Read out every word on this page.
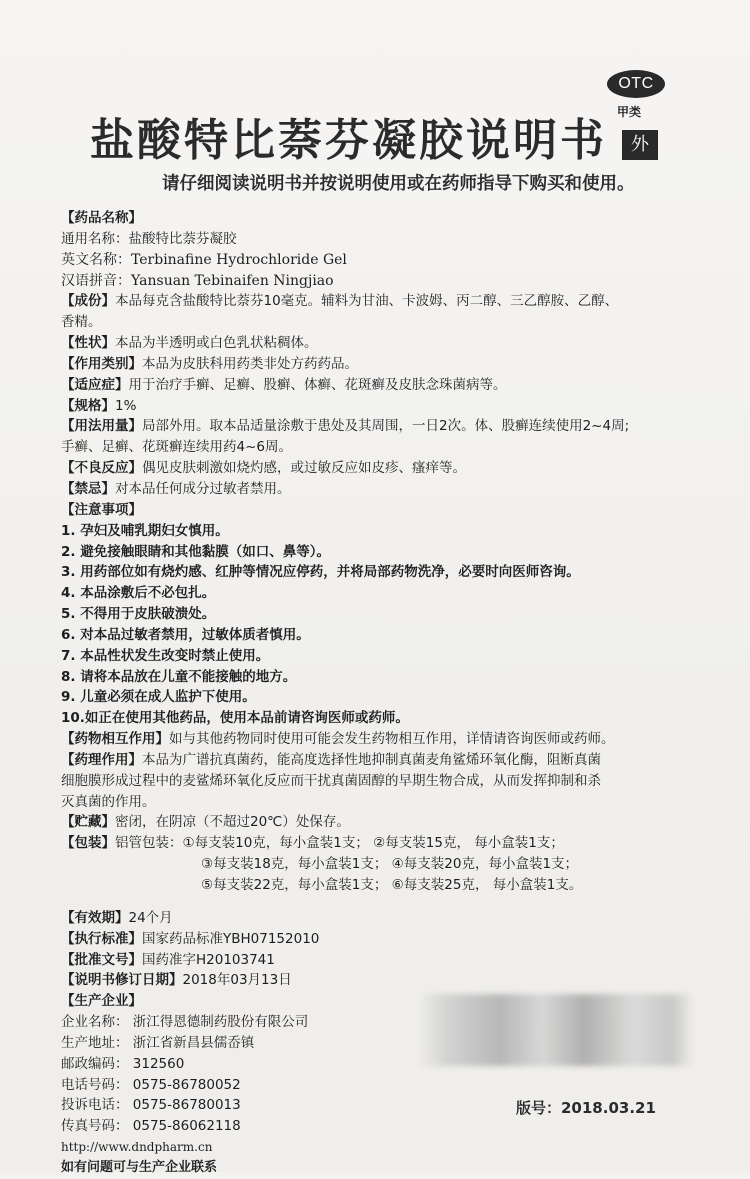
OTC
甲类
外
盐酸特比萘芬凝胶说明书
请仔细阅读说明书并按说明使用或在药师指导下购买和使用。
【药品名称】
通用名称：盐酸特比萘芬凝胶
英文名称：Terbinafine Hydrochloride Gel
汉语拼音：Yansuan Tebinaifen Ningjiao
【成份】本品每克含盐酸特比萘芬10毫克。辅料为甘油、卡波姆、丙二醇、三乙醇胺、乙醇、
香精。
【性状】本品为半透明或白色乳状粘稠体。
【作用类别】本品为皮肤科用药类非处方药药品。
【适应症】用于治疗手癣、足癣、股癣、体癣、花斑癣及皮肤念珠菌病等。
【规格】1%
【用法用量】局部外用。取本品适量涂敷于患处及其周围，一日2次。体、股癣连续使用2~4周;
手癣、足癣、花斑癣连续用药4~6周。
【不良反应】偶见皮肤刺激如烧灼感，或过敏反应如皮疹、瘙痒等。
【禁忌】对本品任何成分过敏者禁用。
【注意事项】
1. 孕妇及哺乳期妇女慎用。
2. 避免接触眼睛和其他黏膜（如口、鼻等）。
3. 用药部位如有烧灼感、红肿等情况应停药，并将局部药物洗净，必要时向医师咨询。
4. 本品涂敷后不必包扎。
5. 不得用于皮肤破溃处。
6. 对本品过敏者禁用，过敏体质者慎用。
7. 本品性状发生改变时禁止使用。
8. 请将本品放在儿童不能接触的地方。
9. 儿童必须在成人监护下使用。
10.如正在使用其他药品，使用本品前请咨询医师或药师。
【药物相互作用】如与其他药物同时使用可能会发生药物相互作用，详情请咨询医师或药师。
【药理作用】本品为广谱抗真菌药，能高度选择性地抑制真菌麦角鲨烯环氧化酶，阻断真菌
细胞膜形成过程中的麦鲨烯环氧化反应而干扰真菌固醇的早期生物合成，从而发挥抑制和杀
灭真菌的作用。
【贮藏】密闭，在阴凉（不超过20℃）处保存。
【包装】铝管包装：①每支装10克，每小盒装1支； ②每支装15克， 每小盒装1支；
③每支装18克，每小盒装1支； ④每支装20克，每小盒装1支；
⑤每支装22克，每小盒装1支； ⑥每支装25克， 每小盒装1支。
【有效期】24个月
【执行标准】国家药品标准YBH07152010
【批准文号】国药准字H20103741
【说明书修订日期】2018年03月13日
【生产企业】
企业名称： 浙江得恩德制药股份有限公司
生产地址： 浙江省新昌县儒岙镇
邮政编码： 312560
电话号码： 0575-86780052
投诉电话： 0575-86780013
传真号码： 0575-86062118
http://www.dndpharm.cn
如有问题可与生产企业联系
版号：2018.03.21
